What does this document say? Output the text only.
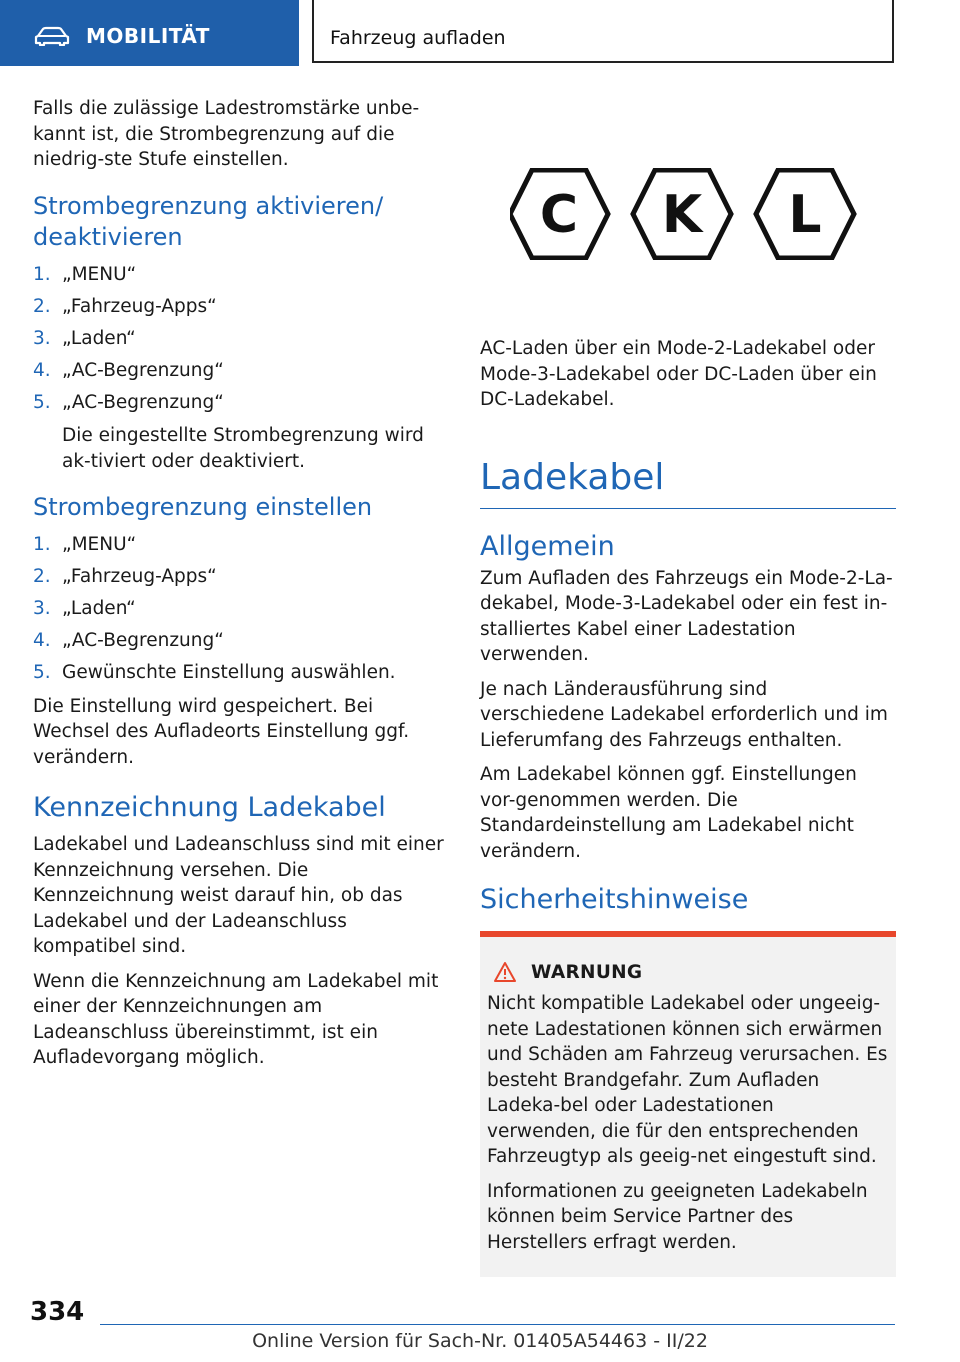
MOBILITÄT	Fahrzeug aufladen

Falls die zulässige Ladestromstärke unbe-kannt ist, die Strombegrenzung auf die niedrig-ste Stufe einstellen.

Strombegrenzung aktivieren/ deaktivieren
1. „MENU“
2. „Fahrzeug-Apps“
3. „Laden“
4. „AC-Begrenzung“
5. „AC-Begrenzung“

Die eingestellte Strombegrenzung wird ak-tiviert oder deaktiviert.

Strombegrenzung einstellen
1. „MENU“
2. „Fahrzeug-Apps“
3. „Laden“
4. „AC-Begrenzung“
5. Gewünschte Einstellung auswählen.

Die Einstellung wird gespeichert. Bei Wechsel des Aufladeorts Einstellung ggf. verändern.

Kennzeichnung Ladekabel

Ladekabel und Ladeanschluss sind mit einer Kennzeichnung versehen. Die Kennzeichnung weist darauf hin, ob das Ladekabel und der Ladeanschluss kompatibel sind.

Wenn die Kennzeichnung am Ladekabel mit einer der Kennzeichnungen am Ladeanschluss übereinstimmt, ist ein Aufladevorgang möglich.

C K L

AC-Laden über ein Mode-2-Ladekabel oder Mode-3-Ladekabel oder DC-Laden über ein DC-Ladekabel.

Ladekabel
Allgemein

Zum Aufladen des Fahrzeugs ein Mode-2-La-dekabel, Mode-3-Ladekabel oder ein fest in-stalliertes Kabel einer Ladestation verwenden.

Je nach Länderausführung sind verschiedene Ladekabel erforderlich und im Lieferumfang des Fahrzeugs enthalten.

Am Ladekabel können ggf. Einstellungen vor-genommen werden. Die Standardeinstellung am Ladekabel nicht verändern.

Sicherheitshinweise
WARNUNG

Nicht kompatible Ladekabel oder ungeeig-nete Ladestationen können sich erwärmen und Schäden am Fahrzeug verursachen. Es besteht Brandgefahr. Zum Aufladen Ladeka-bel oder Ladestationen verwenden, die für den entsprechenden Fahrzeugtyp als geeig-net eingestuft sind.

Informationen zu geeigneten Ladekabeln können beim Service Partner des Herstellers erfragt werden.

334
Online Version für Sach-Nr. 01405A54463 - II/22
